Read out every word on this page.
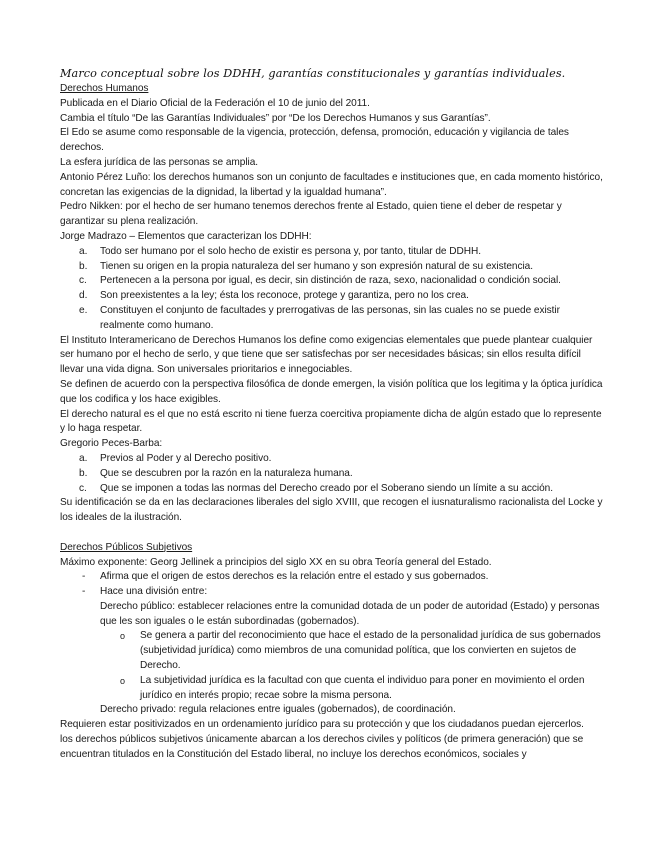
Marco conceptual sobre los DDHH, garantías constitucionales y garantías individuales.

Derechos Humanos

Publicada en el Diario Oficial de la Federación el 10 de junio del 2011.

Cambia el título “De las Garantías Individuales” por “De los Derechos Humanos y sus Garantías”.

El Edo se asume como responsable de la vigencia, protección, defensa, promoción, educación y vigilancia de tales derechos.

La esfera jurídica de las personas se amplia.

Antonio Pérez Luño: los derechos humanos son un conjunto de facultades e instituciones que, en cada momento histórico, concretan las exigencias de la dignidad, la libertad y la igualdad humana”.

Pedro Nikken: por el hecho de ser humano tenemos derechos frente al Estado, quien tiene el deber de respetar y garantizar su plena realización.

Jorge Madrazo – Elementos que caracterizan los DDHH:

a. Todo ser humano por el solo hecho de existir es persona y, por tanto, titular de DDHH.
b. Tienen su origen en la propia naturaleza del ser humano y son expresión natural de su existencia.
c. Pertenecen a la persona por igual, es decir, sin distinción de raza, sexo, nacionalidad o condición social.
d. Son preexistentes a la ley; ésta los reconoce, protege y garantiza, pero no los crea.
e. Constituyen el conjunto de facultades y prerrogativas de las personas, sin las cuales no se puede existir realmente como humano.

El Instituto Interamericano de Derechos Humanos los define como exigencias elementales que puede plantear cualquier ser humano por el hecho de serlo, y que tiene que ser satisfechas por ser necesidades básicas; sin ellos resulta difícil llevar una vida digna. Son universales prioritarios e innegociables.

Se definen de acuerdo con la perspectiva filosófica de donde emergen, la visión política que los legitima y la óptica jurídica que los codifica y los hace exigibles.

El derecho natural es el que no está escrito ni tiene fuerza coercitiva propiamente dicha de algún estado que lo represente y lo haga respetar.

Gregorio Peces-Barba:

a. Previos al Poder y al Derecho positivo.
b. Que se descubren por la razón en la naturaleza humana.
c. Que se imponen a todas las normas del Derecho creado por el Soberano siendo un límite a su acción.

Su identificación se da en las declaraciones liberales del siglo XVIII, que recogen el iusnaturalismo racionalista del Locke y los ideales de la ilustración.

Derechos Públicos Subjetivos

Máximo exponente: Georg Jellinek a principios del siglo XX en su obra Teoría general del Estado.

- Afirma que el origen de estos derechos es la relación entre el estado y sus gobernados.
- Hace una división entre:

Derecho público: establecer relaciones entre la comunidad dotada de un poder de autoridad (Estado) y personas que les son iguales o le están subordinadas (gobernados).

o Se genera a partir del reconocimiento que hace el estado de la personalidad jurídica de sus gobernados (subjetividad jurídica) como miembros de una comunidad política, que los convierten en sujetos de Derecho.
o La subjetividad jurídica es la facultad con que cuenta el individuo para poner en movimiento el orden jurídico en interés propio; recae sobre la misma persona.

Derecho privado: regula relaciones entre iguales (gobernados), de coordinación.

Requieren estar positivizados en un ordenamiento jurídico para su protección y que los ciudadanos puedan ejercerlos.

los derechos públicos subjetivos únicamente abarcan a los derechos civiles y políticos (de primera generación) que se encuentran titulados en la Constitución del Estado liberal, no incluye los derechos económicos, sociales y
